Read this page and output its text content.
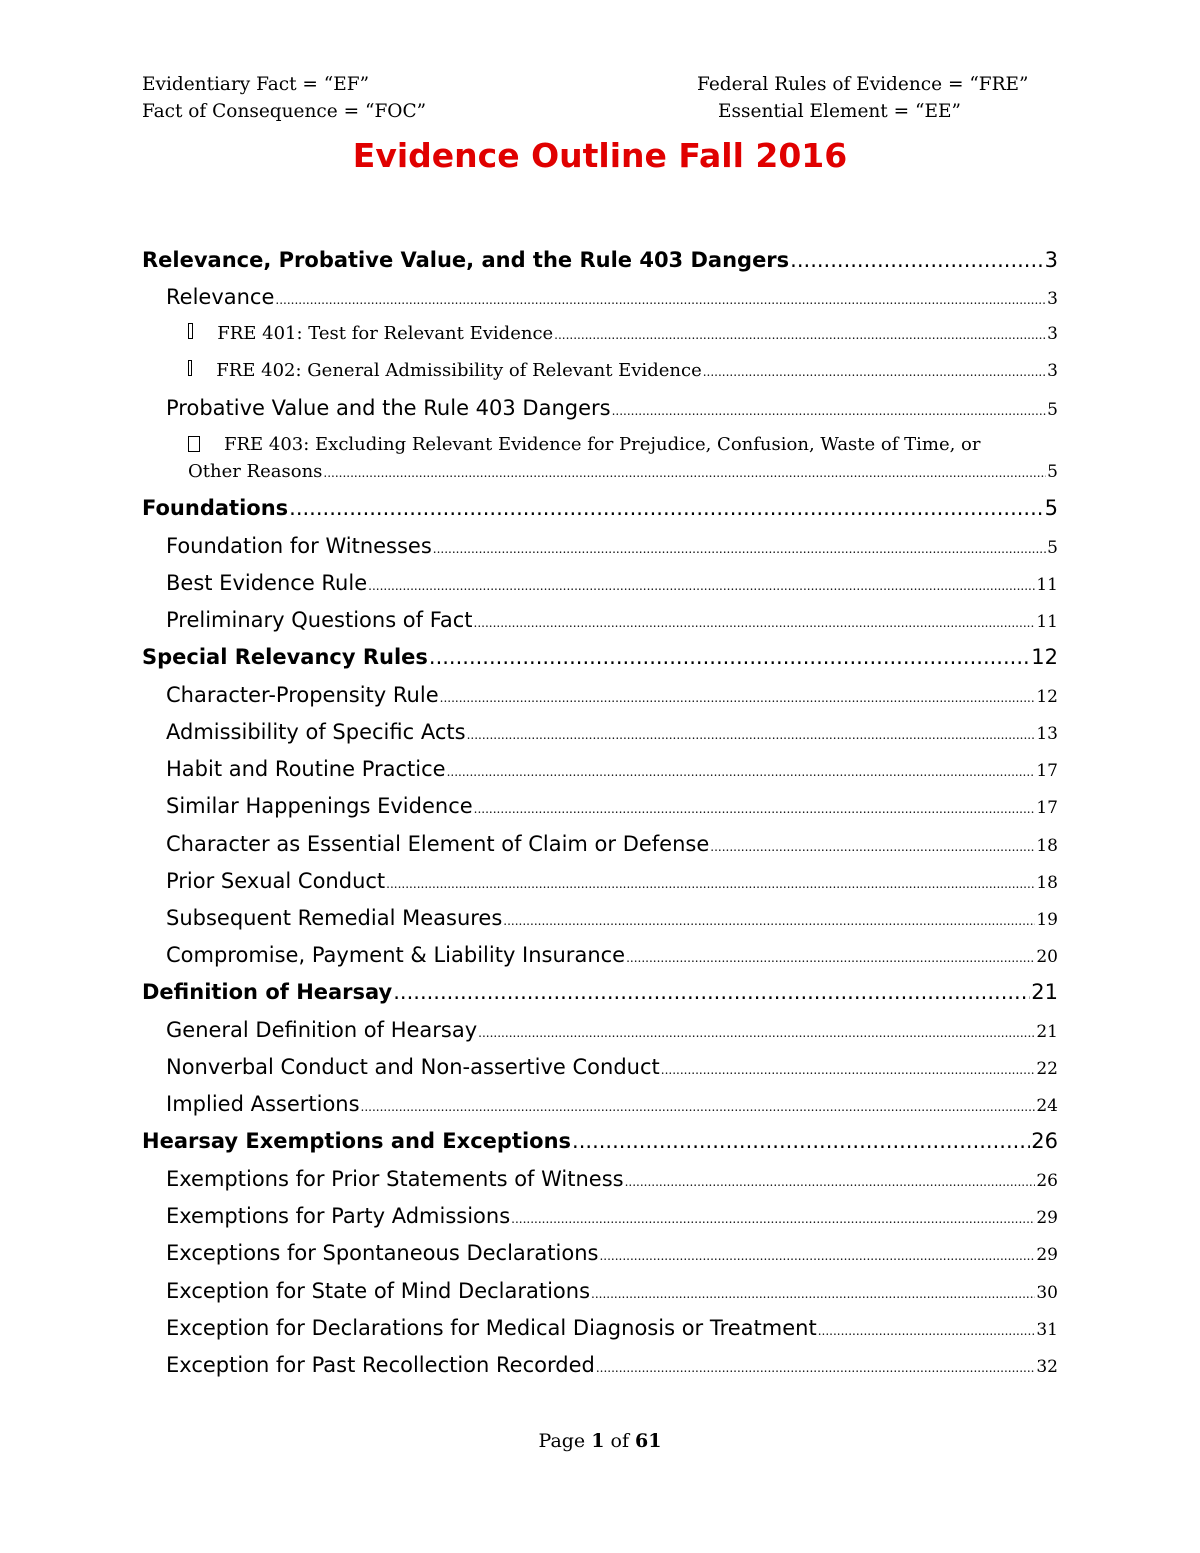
Evidentiary Fact = “EF”
Fact of Consequence = “FOC”
Federal Rules of Evidence = “FRE”
Essential Element = “EE”
Evidence Outline Fall 2016
Relevance, Probative Value, and the Rule 403 Dangers .....	3
Relevance .....	3
FRE 401: Test for Relevant Evidence .....	3
FRE 402: General Admissibility of Relevant Evidence .....	3
Probative Value and the Rule 403 Dangers .....	5
FRE 403: Excluding Relevant Evidence for Prejudice, Confusion, Waste of Time, or
Other Reasons .....	5
Foundations .....	5
Foundation for Witnesses .....	5
Best Evidence Rule .....	11
Preliminary Questions of Fact .....	11
Special Relevancy Rules .....	12
Character-Propensity Rule .....	12
Admissibility of Specific Acts .....	13
Habit and Routine Practice .....	17
Similar Happenings Evidence .....	17
Character as Essential Element of Claim or Defense .....	18
Prior Sexual Conduct .....	18
Subsequent Remedial Measures .....	19
Compromise, Payment & Liability Insurance .....	20
Definition of Hearsay .....	21
General Definition of Hearsay .....	21
Nonverbal Conduct and Non-assertive Conduct .....	22
Implied Assertions .....	24
Hearsay Exemptions and Exceptions .....	26
Exemptions for Prior Statements of Witness .....	26
Exemptions for Party Admissions .....	29
Exceptions for Spontaneous Declarations .....	29
Exception for State of Mind Declarations .....	30
Exception for Declarations for Medical Diagnosis or Treatment .....	31
Exception for Past Recollection Recorded .....	32
Page 1 of 61
